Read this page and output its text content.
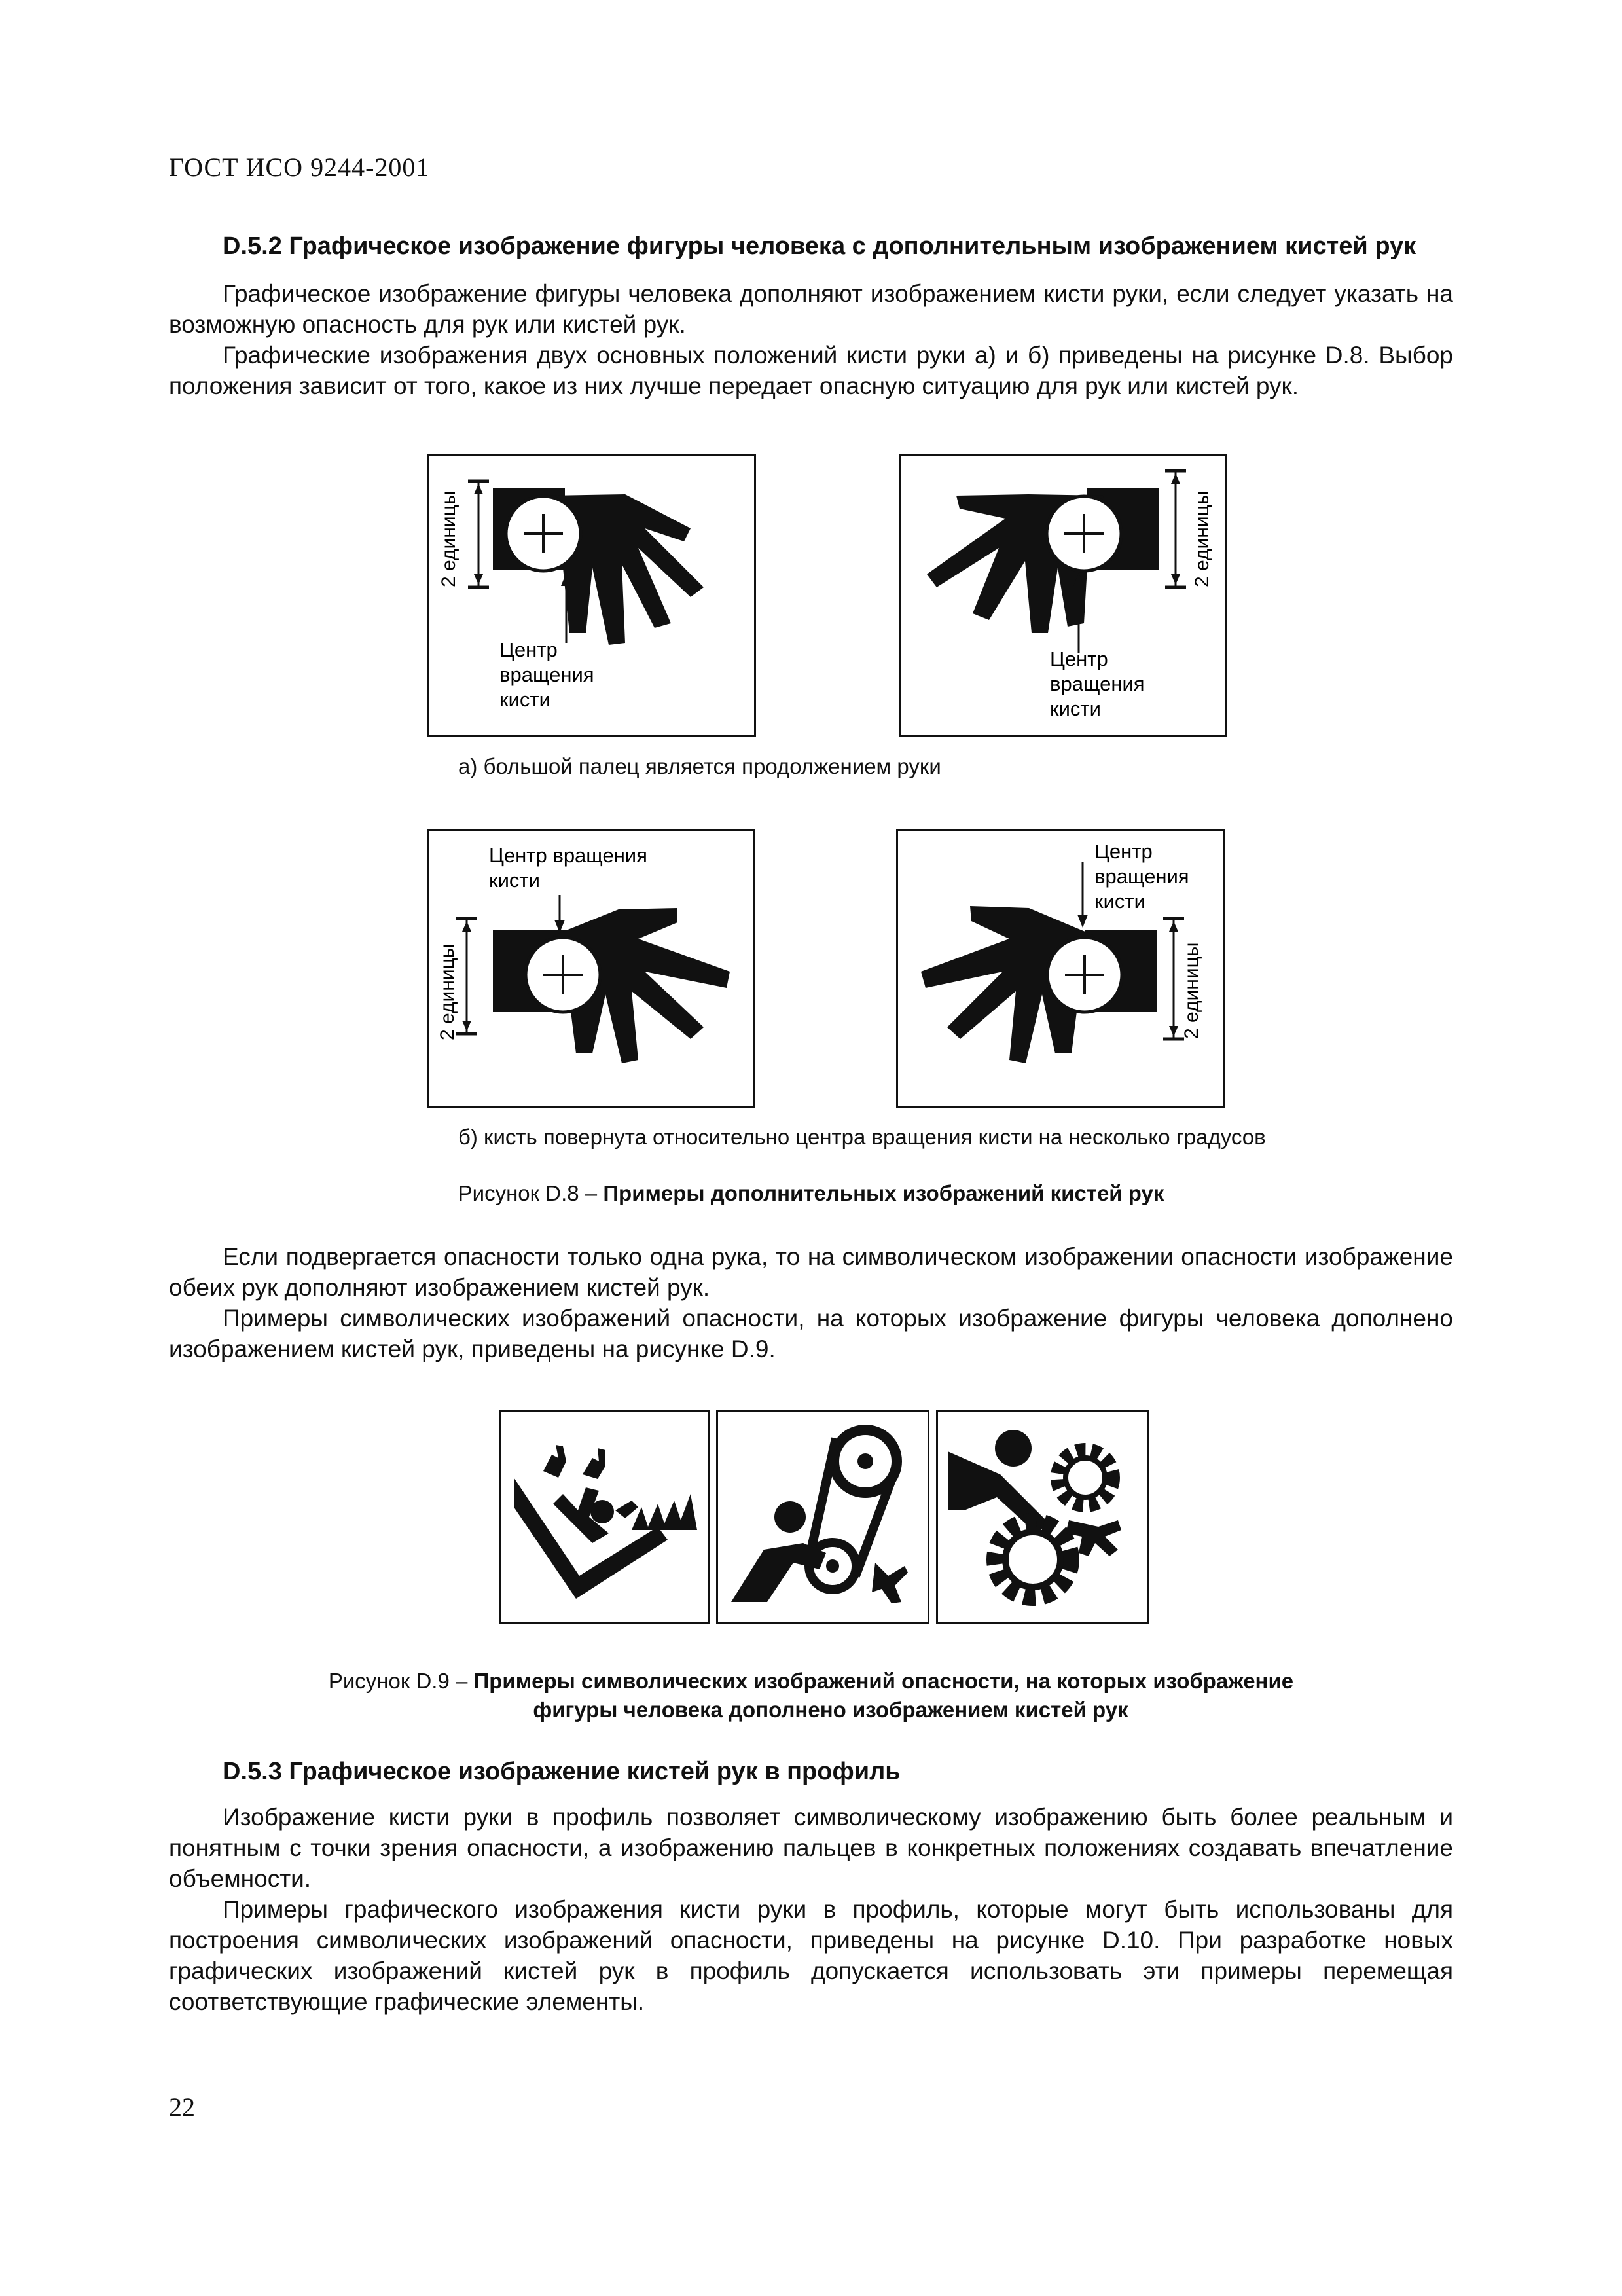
ГОСТ ИСО 9244-2001
D.5.2 Графическое изображение фигуры человека с дополнительным изображением кистей рук

Графическое изображение фигуры человека дополняют изображением кисти руки, если следует указать на возможную опасность для рук или кистей рук.

Графические изображения двух основных положений кисти руки а) и б) приведены на рисунке D.8. Выбор положения зависит от того, какое из них лучше передает опасную ситуацию для рук или кистей рук.

2 единицы
Центр
вращения
кисти
2 единицы
Центр
вращения
кисти
а) большой палец является продолжением руки
Центр вращения
кисти
2 единицы
Центр
вращения
кисти
2 единицы
б) кисть повернута относительно центра вращения кисти на несколько градусов
Рисунок D.8 – Примеры дополнительных изображений кистей рук

Если подвергается опасности только одна рука, то на символическом изображении опасности изображение обеих рук дополняют изображением кистей рук.

Примеры символических изображений опасности, на которых изображение фигуры человека дополнено изображением кистей рук, приведены на рисунке D.9.

Рисунок D.9 – Примеры символических изображений опасности, на которых изображение
фигуры человека дополнено изображением кистей рук
D.5.3 Графическое изображение кистей рук в профиль

Изображение кисти руки в профиль позволяет символическому изображению быть более реальным и понятным с точки зрения опасности, а изображению пальцев в конкретных положениях создавать впечатление объемности.

Примеры графического изображения кисти руки в профиль, которые могут быть использованы для построения символических изображений опасности, приведены на рисунке D.10. При разработке новых графических изображений кистей рук в профиль допускается использовать эти примеры перемещая соответствующие графические элементы.

22
